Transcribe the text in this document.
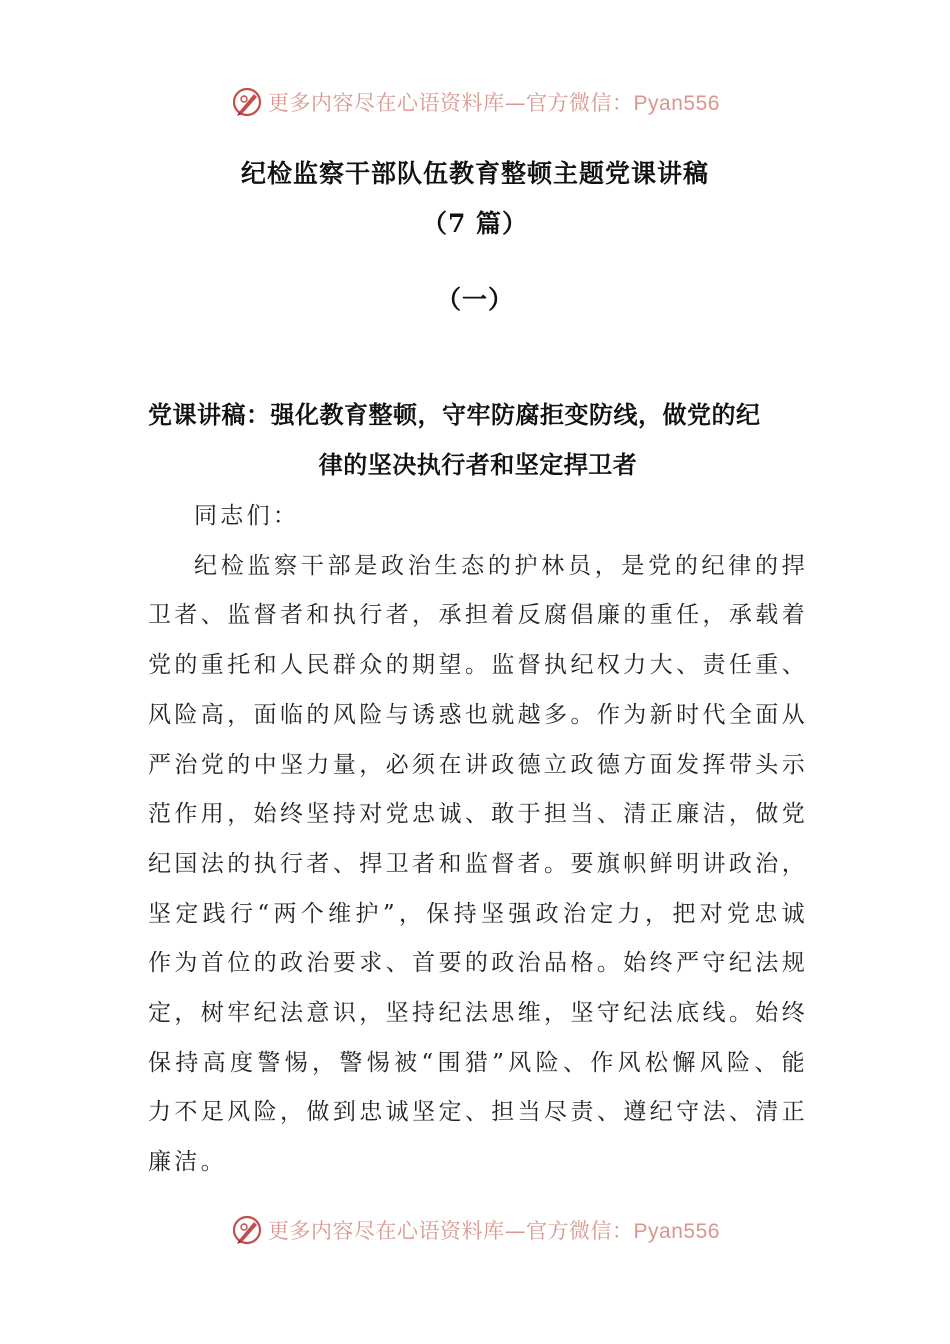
更多内容尽在心语资料库—官方微信：Pyan556
纪检监察干部队伍教育整顿主题党课讲稿
（7 篇）
（一）
党课讲稿：强化教育整顿，守牢防腐拒变防线，做党的纪
律的坚决执行者和坚定捍卫者

同志们：

纪检监察干部是政治生态的护林员，是党的纪律的捍卫者、监督者和执行者，承担着反腐倡廉的重任，承载着党的重托和人民群众的期望。监督执纪权力大、责任重、风险高，面临的风险与诱惑也就越多。作为新时代全面从严治党的中坚力量，必须在讲政德立政德方面发挥带头示范作用，始终坚持对党忠诚、敢于担当、清正廉洁，做党纪国法的执行者、捍卫者和监督者。要旗帜鲜明讲政治，坚定践行“两个维护”，保持坚强政治定力，把对党忠诚作为首位的政治要求、首要的政治品格。始终严守纪法规定，树牢纪法意识，坚持纪法思维，坚守纪法底线。始终保持高度警惕，警惕被“围猎”风险、作风松懈风险、能力不足风险，做到忠诚坚定、担当尽责、遵纪守法、清正廉洁。

更多内容尽在心语资料库—官方微信：Pyan556
